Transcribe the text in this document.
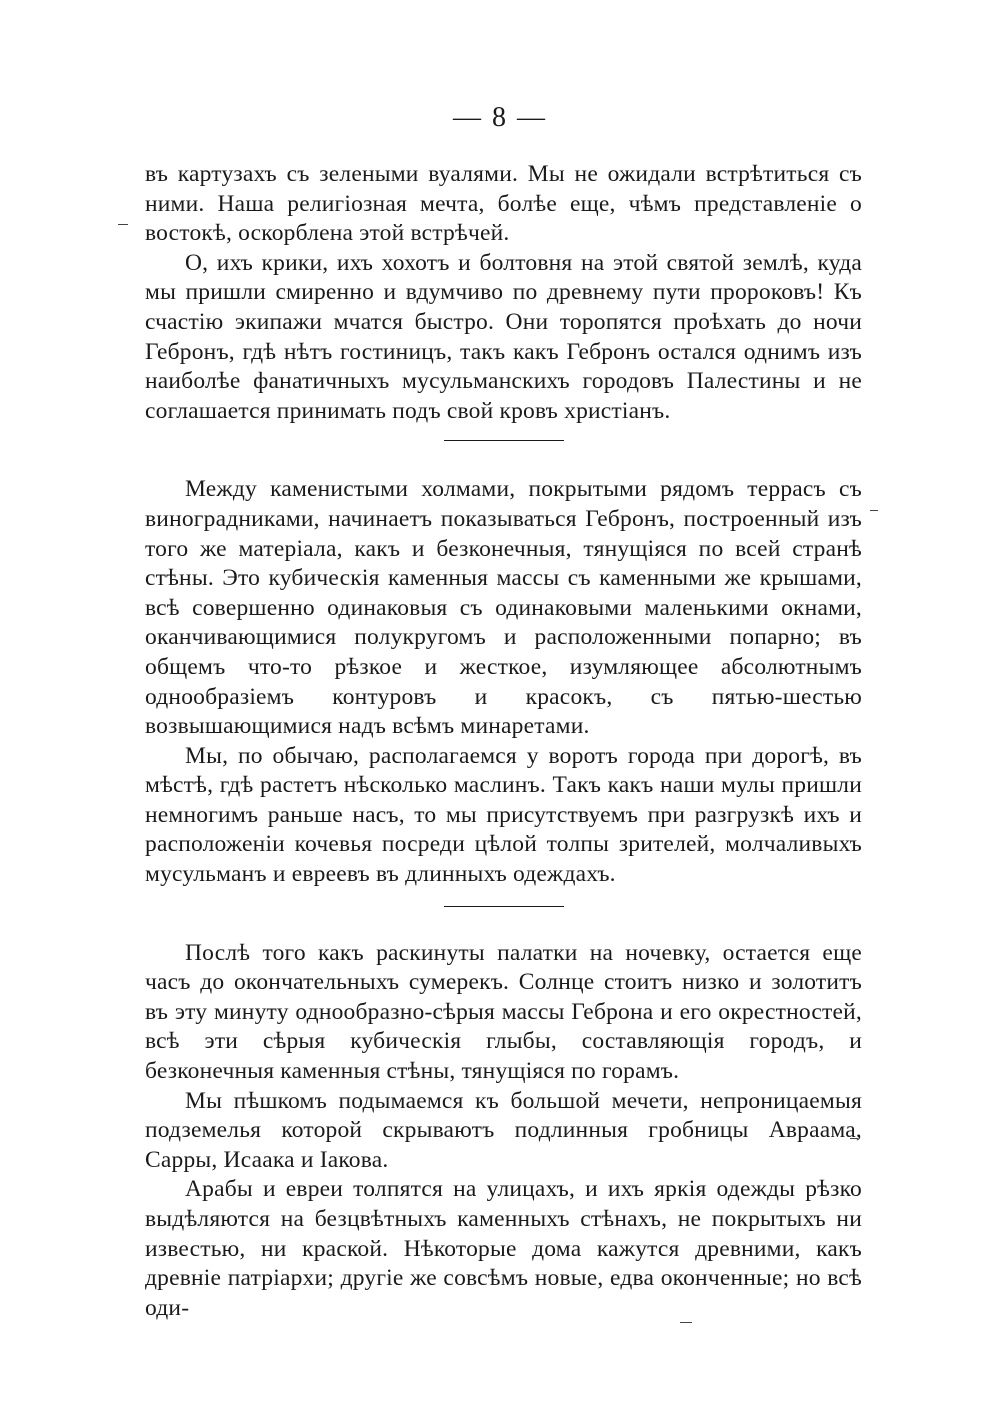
— 8 —

въ картузахъ съ зелеными вуалями. Мы не ожидали встрѣтиться съ ними. Наша религіозная мечта, болѣе еще, чѣмъ представленіе о востокѣ, оскорблена этой встрѣчей.

О, ихъ крики, ихъ хохотъ и болтовня на этой святой землѣ, куда мы пришли смиренно и вдумчиво по древнему пути пророковъ! Къ счастію экипажи мчатся быстро. Они торопятся проѣхать до ночи Гебронъ, гдѣ нѣтъ гостиницъ, такъ какъ Гебронъ остался однимъ изъ наиболѣе фанатичныхъ мусульманскихъ городовъ Палестины и не соглашается принимать подъ свой кровъ христіанъ.

Между каменистыми холмами, покрытыми рядомъ террасъ съ виноградниками, начинаетъ показываться Гебронъ, построенный изъ того же матеріала, какъ и безконечныя, тянущіяся по всей странѣ стѣны. Это кубическія каменныя массы съ каменными же крышами, всѣ совершенно одинаковыя съ одинаковыми маленькими окнами, оканчивающимися полукругомъ и расположенными попарно; въ общемъ что-то рѣзкое и жесткое, изумляющее абсолютнымъ однообразіемъ контуровъ и красокъ, съ пятью-шестью возвышающимися надъ всѣмъ минаретами.

Мы, по обычаю, располагаемся у воротъ города при дорогѣ, въ мѣстѣ, гдѣ растетъ нѣсколько маслинъ. Такъ какъ наши мулы пришли немногимъ раньше насъ, то мы присутствуемъ при разгрузкѣ ихъ и расположеніи кочевья посреди цѣлой толпы зрителей, молчаливыхъ мусульманъ и евреевъ въ длинныхъ одеждахъ.

Послѣ того какъ раскинуты палатки на ночевку, остается еще часъ до окончательныхъ сумерекъ. Солнце стоитъ низко и золотитъ въ эту минуту однообразно-сѣрыя массы Геброна и его окрестностей, всѣ эти сѣрыя кубическія глыбы, составляющія городъ, и безконечныя каменныя стѣны, тянущіяся по горамъ.

Мы пѣшкомъ подымаемся къ большой мечети, непроницаемыя подземелья которой скрываютъ подлинныя гробницы Авраама, Сарры, Исаака и Іакова.

Арабы и евреи толпятся на улицахъ, и ихъ яркія одежды рѣзко выдѣляются на безцвѣтныхъ каменныхъ стѣнахъ, не покрытыхъ ни известью, ни краской. Нѣкоторые дома кажутся древними, какъ древніе патріархи; другіе же совсѣмъ новые, едва оконченные; но всѣ оди-
